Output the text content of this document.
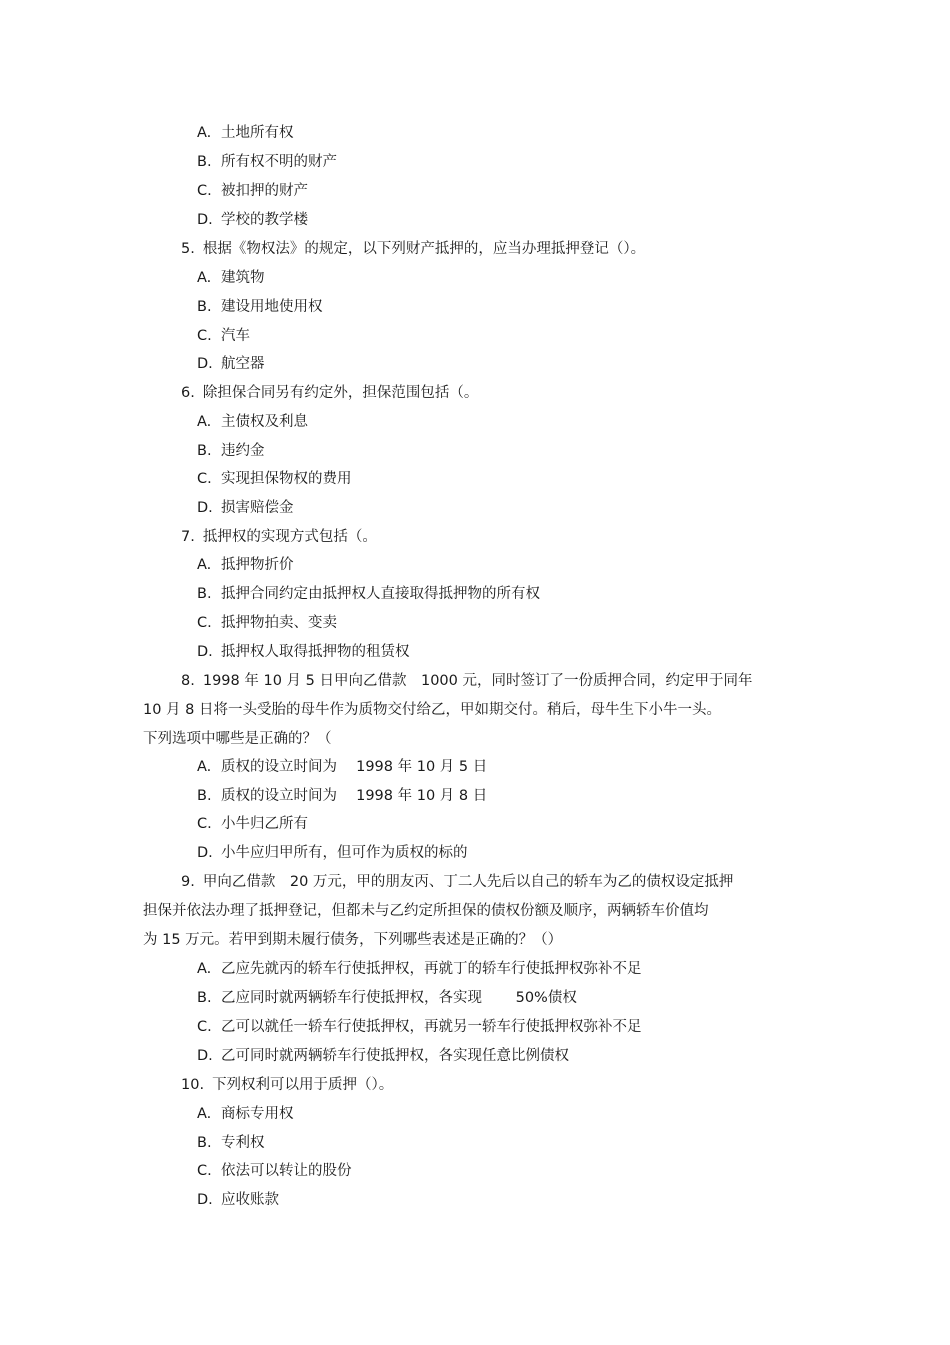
A. 土地所有权
B. 所有权不明的财产
C. 被扣押的财产
D. 学校的教学楼
5. 根据《物权法》的规定，以下列财产抵押的，应当办理抵押登记（）。
A. 建筑物
B. 建设用地使用权
C. 汽车
D. 航空器
6. 除担保合同另有约定外，担保范围包括（。
A. 主债权及利息
B. 违约金
C. 实现担保物权的费用
D. 损害赔偿金
7. 抵押权的实现方式包括（。
A. 抵押物折价
B. 抵押合同约定由抵押权人直接取得抵押物的所有权
C. 抵押物拍卖、变卖
D. 抵押权人取得抵押物的租赁权
8. 1998 年 10 月 5 日甲向乙借款　1000 元，同时签订了一份质押合同，约定甲于同年
10 月 8 日将一头受胎的母牛作为质物交付给乙，甲如期交付。稍后，母牛生下小牛一头。
下列选项中哪些是正确的？（
A. 质权的设立时间为　 1998 年 10 月 5 日
B. 质权的设立时间为　 1998 年 10 月 8 日
C. 小牛归乙所有
D. 小牛应归甲所有，但可作为质权的标的
9. 甲向乙借款　20 万元，甲的朋友丙、丁二人先后以自己的轿车为乙的债权设定抵押
担保并依法办理了抵押登记，但都未与乙约定所担保的债权份额及顺序，两辆轿车价值均
为 15 万元。若甲到期未履行债务，下列哪些表述是正确的？（）
A. 乙应先就丙的轿车行使抵押权，再就丁的轿车行使抵押权弥补不足
B. 乙应同时就两辆轿车行使抵押权，各实现　　 50%债权
C. 乙可以就任一轿车行使抵押权，再就另一轿车行使抵押权弥补不足
D. 乙可同时就两辆轿车行使抵押权，各实现任意比例债权
10. 下列权利可以用于质押（）。
A. 商标专用权
B. 专利权
C. 依法可以转让的股份
D. 应收账款
